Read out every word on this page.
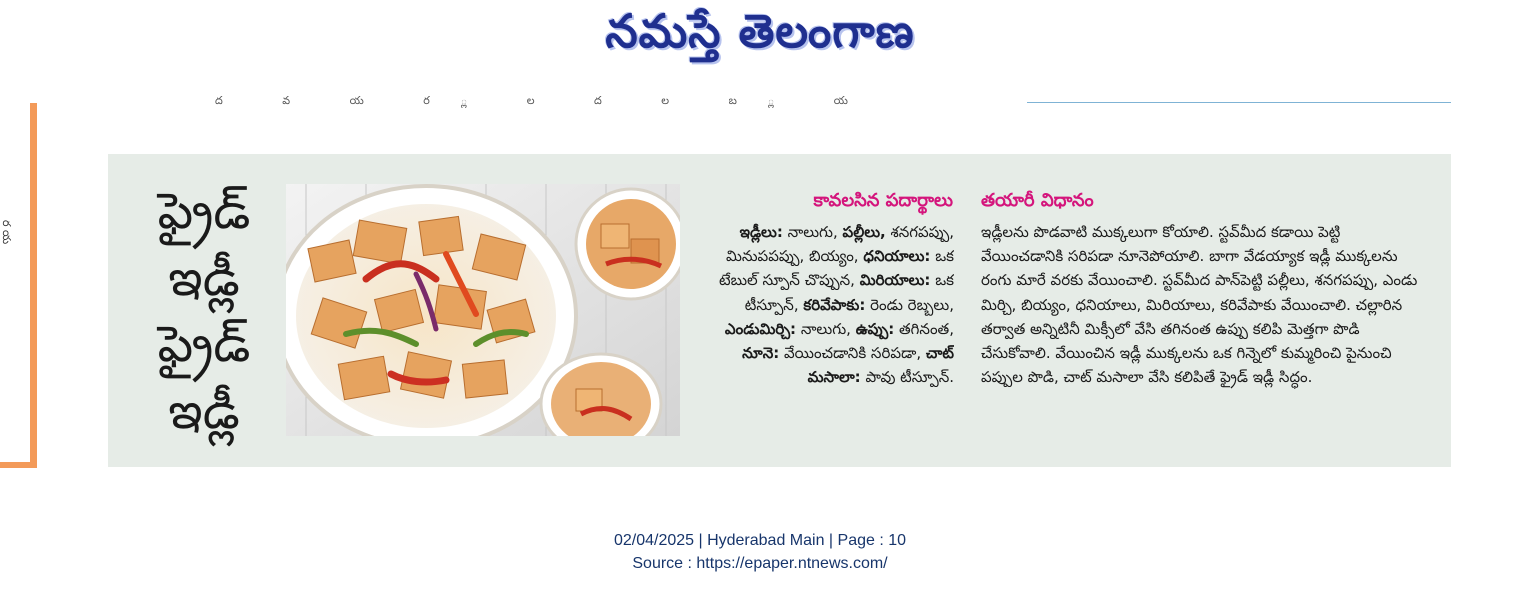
నమస్తే తెలంగాణ
ద వ య ర ్ల ల ద ల బ ్ల య
ర య	ఫ్రైడ్
ఇడ్లీ
ఫ్రైడ్
ఇడ్లీ
కావలసిన పదార్థాలు తయారీ విధానం
ఇడ్లీలు: నాలుగు, పల్లీలు, శనగపప్పు, మినుపపప్పు, బియ్యం, ధనియాలు: ఒక టేబుల్ స్పూన్ చొప్పున, మిరియాలు: ఒక టీస్పూన్, కరివేపాకు: రెండు రెబ్బలు, ఎండుమిర్చి: నాలుగు, ఉప్పు: తగినంత, నూనె: వేయించడానికి సరిపడా, చాట్ మసాలా: పావు టీస్పూన్.
ఇడ్లీలను పొడవాటి ముక్కలుగా కోయాలి. స్టవ్‌మీద కడాయి పెట్టి వేయించడానికి సరిపడా నూనెపోయాలి. బాగా వేడయ్యాక ఇడ్లీ ముక్కలను రంగు మారే వరకు వేయించాలి. స్టవ్‌మీద పాన్‌పెట్టి పల్లీలు, శనగపప్పు, ఎండు మిర్చి, బియ్యం, ధనియాలు, మిరియాలు, కరివేపాకు వేయించాలి. చల్లారిన తర్వాత అన్నిటినీ మిక్సీలో వేసి తగినంత ఉప్పు కలిపి మెత్తగా పొడి చేసుకోవాలి. వేయించిన ఇడ్లీ ముక్కలను ఒక గిన్నెలో కుమ్మరించి పైనుంచి పప్పుల పొడి, చాట్ మసాలా వేసి కలిపితే ఫ్రైడ్ ఇడ్లీ సిద్ధం.
02/04/2025 | Hyderabad Main | Page : 10
Source : https://epaper.ntnews.com/
